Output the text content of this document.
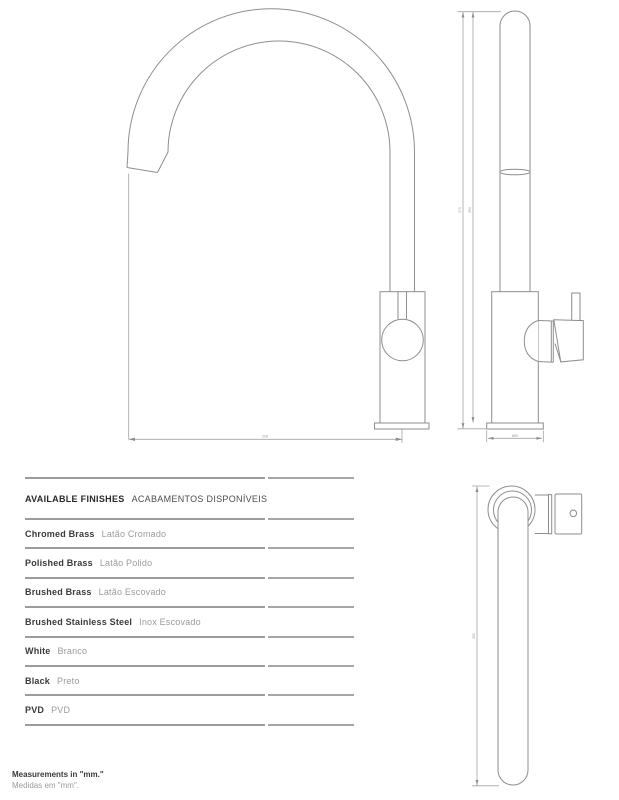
208
370 350
Ø50
300
AVAILABLE FINISHES ACABAMENTOS DISPONÍVEIS
Chromed Brass Latão Cromado
Polished Brass Latão Polido
Brushed Brass Latão Escovado
Brushed Stainless Steel Inox Escovado
White Branco
Black Preto
PVD PVD
Measurements in "mm."
Medidas em "mm".
